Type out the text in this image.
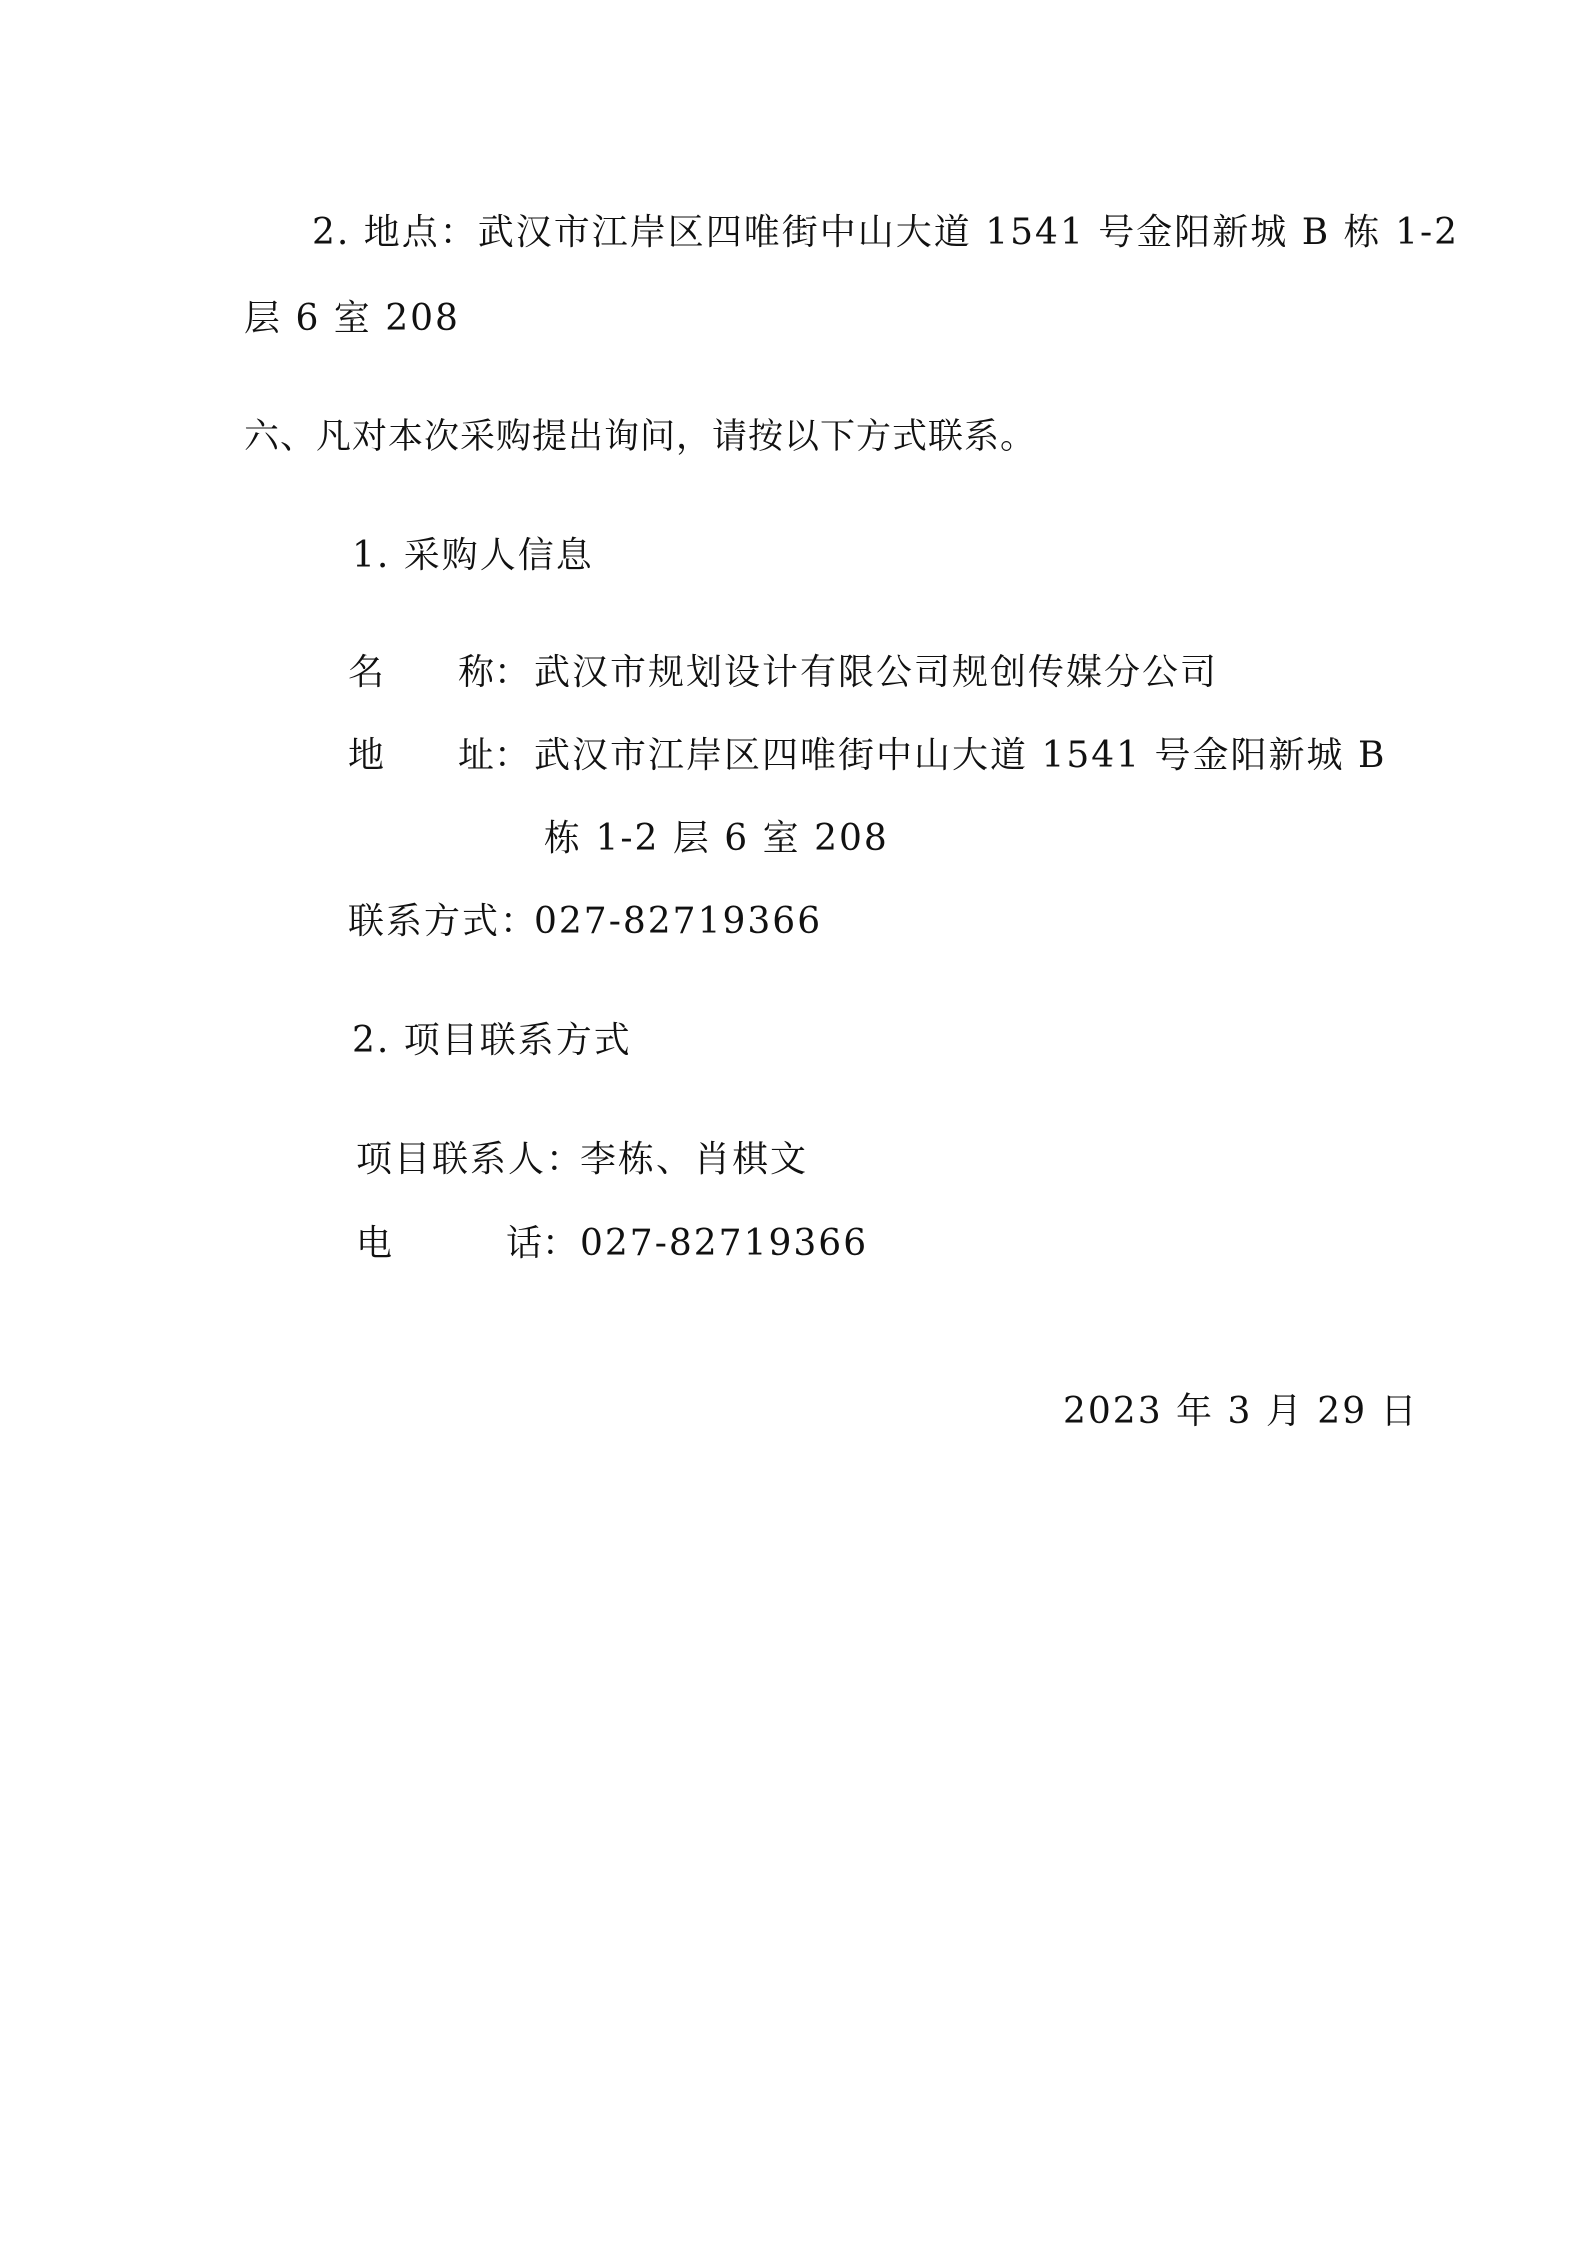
2. 地点：武汉市江岸区四唯街中山大道 1541 号金阳新城 B 栋 1-2
层 6 室 208
六、凡对本次采购提出询问，请按以下方式联系。
1. 采购人信息
名 称： 武汉市规划设计有限公司规创传媒分公司
地 址： 武汉市江岸区四唯街中山大道 1541 号金阳新城 B
栋 1-2 层 6 室 208
联系方式：
027-82719366
2. 项目联系方式
项目联系人：
李栋、肖棋文
电	话： 027-82719366
2023 年 3 月 29 日
